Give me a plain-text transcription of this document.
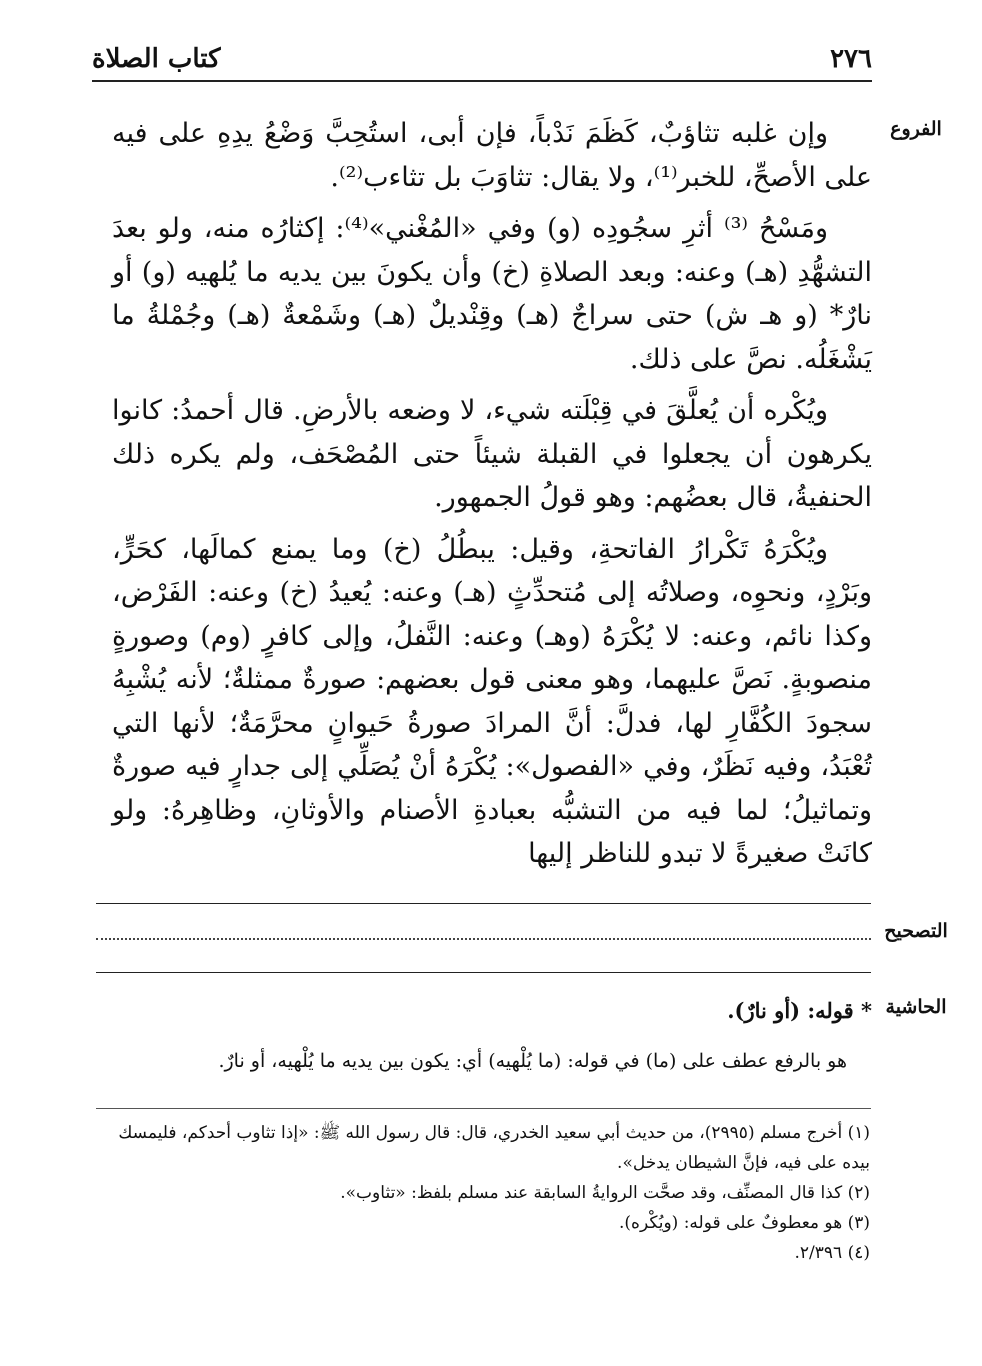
٢٧٦
كتاب الصلاة
الفروع

وإن غلبه تثاؤبٌ، كَظَمَ نَدْباً، فإن أبى، استُحِبَّ وَضْعُ يدِهِ على فيه على الأصحِّ، للخبر⁽¹⁾، ولا يقال: تثاوَبَ بل تثاءب⁽²⁾.

ومَسْحُ ⁽³⁾ أثرِ سجُودِه (و) وفي «المُغْني»⁽⁴⁾: إكثارُه منه، ولو بعدَ التشهُّدِ (هـ) وعنه: وبعد الصلاةِ (خ) وأن يكونَ بين يديه ما يُلهيه (و) أو نارٌ* (و هـ ش) حتى سراجٌ (هـ) وقِنْديلٌ (هـ) وشَمْعةٌ (هـ) وجُمْلةُ ما يَشْغَلُه. نصَّ على ذلك.

ويُكْره أن يُعلَّقَ في قِبْلَته شيء، لا وضعه بالأرضِ. قال أحمدُ: كانوا يكرهون أن يجعلوا في القبلة شيئاً حتى المُصْحَف، ولم يكره ذلك الحنفيةُ، قال بعضُهم: وهو قولُ الجمهور.

ويُكْرَهُ تَكْرارُ الفاتحةِ، وقيل: يبطُلُ (خ) وما يمنع كمالَها، كحَرٍّ، وبَرْدٍ، ونحوِه، وصلاتُه إلى مُتحدِّثٍ (هـ) وعنه: يُعيدُ (خ) وعنه: الفَرْض، وكذا نائم، وعنه: لا يُكْرَهُ (وهـ) وعنه: النَّفلُ، وإلى كافرٍ (وم) وصورةٍ منصوبةٍ. نَصَّ عليهما، وهو معنى قول بعضهم: صورةٌ ممثلةٌ؛ لأنه يُشْبِهُ سجودَ الكُفَّارِ لها، فدلَّ: أنَّ المرادَ صورةُ حَيوانٍ محرَّمَةٌ؛ لأنها التي تُعْبَدُ، وفيه نَظَرٌ، وفي «الفصول»: يُكْرَهُ أنْ يُصَلِّي إلى جدارٍ فيه صورةٌ وتماثيلُ؛ لما فيه من التشبُّه بعبادةِ الأصنام والأوثانِ، وظاهِرهُ: ولو كانَتْ صغيرةً لا تبدو للناظر إليها

التصحيح
الحاشية
* قوله: (أو نارٌ).
هو بالرفع عطف على (ما) في قوله: (ما يُلْهيه) أي: يكون بين يديه ما يُلْهيه، أو نارٌ.

(١) أخرج مسلم (٢٩٩٥)، من حديث أبي سعيد الخدري، قال: قال رسول الله ﷺ: «إذا تثاوب أحدكم، فليمسك بيده على فيه، فإنَّ الشيطان يدخل».

(٢) كذا قال المصنِّف، وقد صحَّت الروايةُ السابقة عند مسلم بلفظ: «تثاوب».

(٣) هو معطوفٌ على قوله: (ويُكْره).

(٤) ٢/٣٩٦.
